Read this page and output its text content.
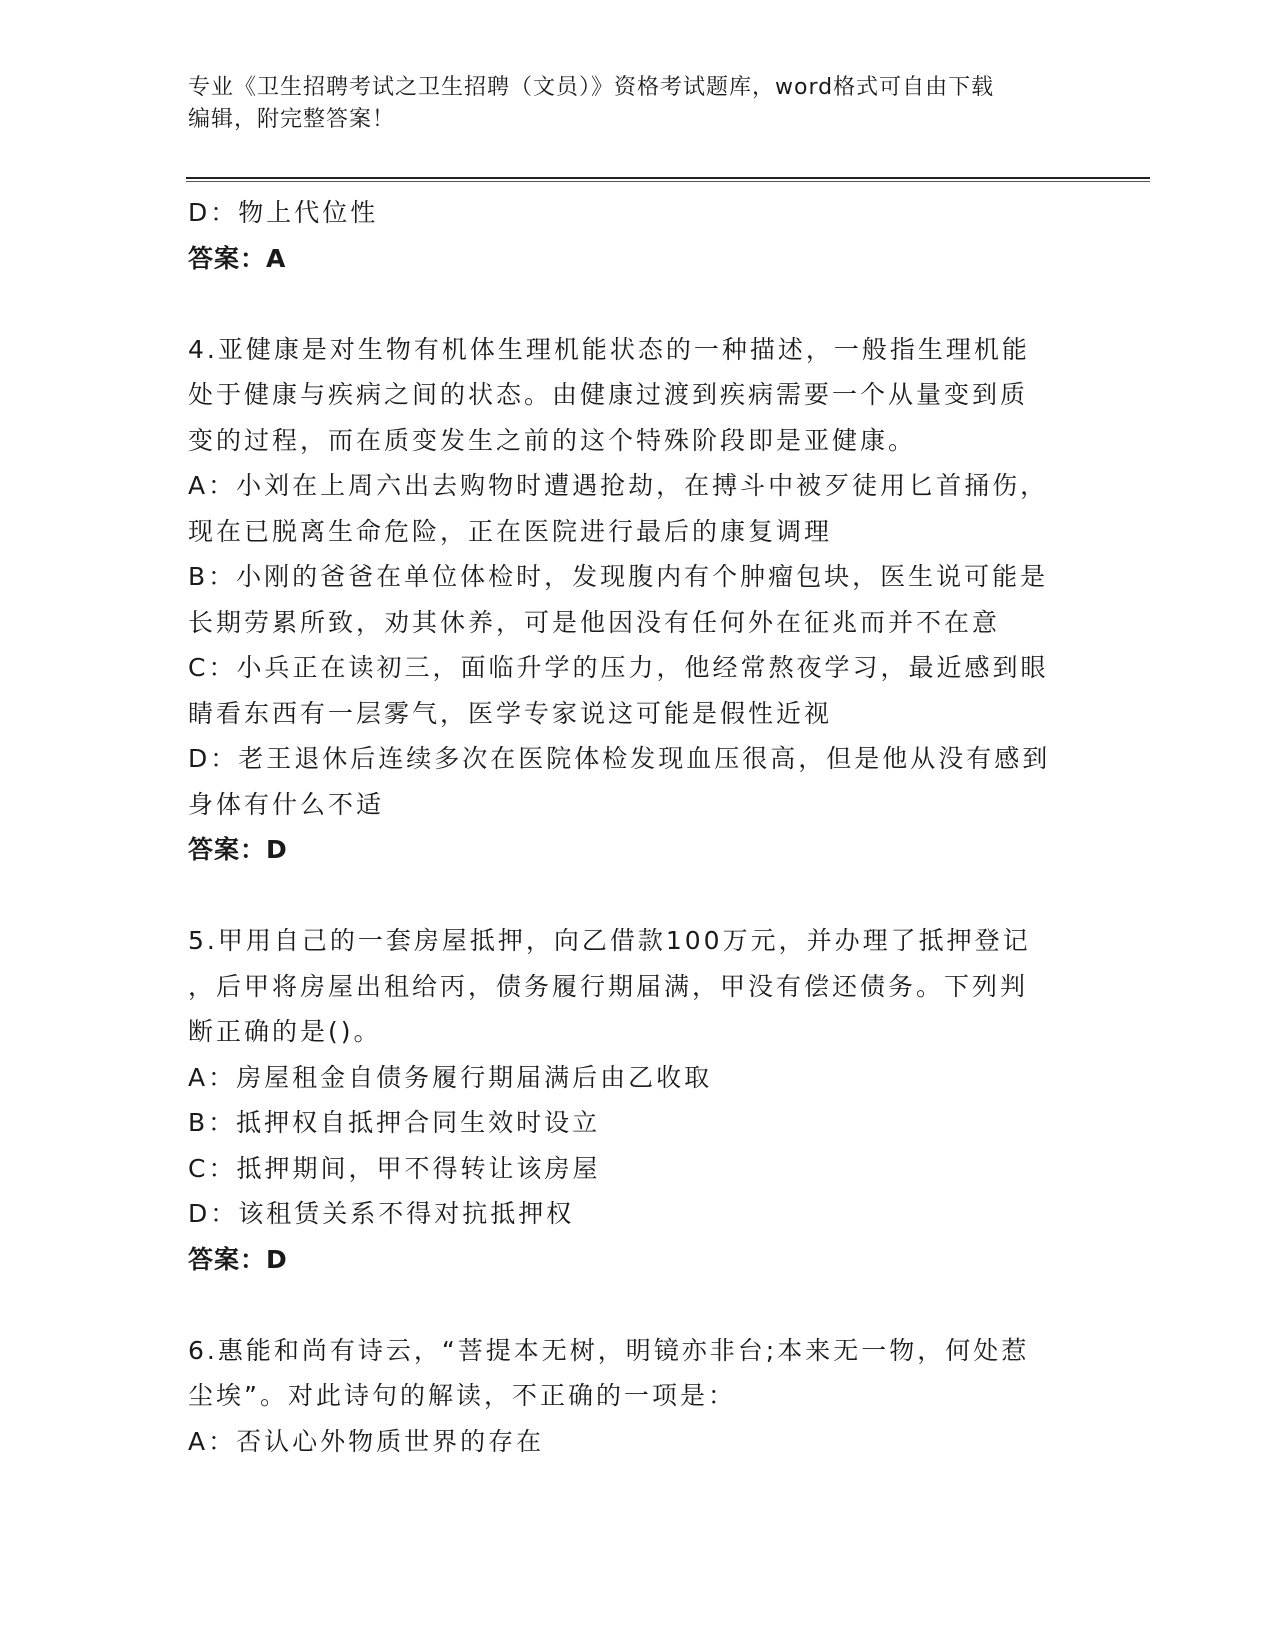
专业《卫生招聘考试之卫生招聘（文员）》资格考试题库，word格式可自由下载
编辑，附完整答案！
D：物上代位性
答案：A
4.亚健康是对生物有机体生理机能状态的一种描述，一般指生理机能
处于健康与疾病之间的状态。由健康过渡到疾病需要一个从量变到质
变的过程，而在质变发生之前的这个特殊阶段即是亚健康。
A：小刘在上周六出去购物时遭遇抢劫，在搏斗中被歹徒用匕首捅伤，
现在已脱离生命危险，正在医院进行最后的康复调理
B：小刚的爸爸在单位体检时，发现腹内有个肿瘤包块，医生说可能是
长期劳累所致，劝其休养，可是他因没有任何外在征兆而并不在意
C：小兵正在读初三，面临升学的压力，他经常熬夜学习，最近感到眼
睛看东西有一层雾气，医学专家说这可能是假性近视
D：老王退休后连续多次在医院体检发现血压很高，但是他从没有感到
身体有什么不适
答案：D
5.甲用自己的一套房屋抵押，向乙借款100万元，并办理了抵押登记
，后甲将房屋出租给丙，债务履行期届满，甲没有偿还债务。下列判
断正确的是()。
A：房屋租金自债务履行期届满后由乙收取
B：抵押权自抵押合同生效时设立
C：抵押期间，甲不得转让该房屋
D：该租赁关系不得对抗抵押权
答案：D
6.惠能和尚有诗云，“菩提本无树，明镜亦非台;本来无一物，何处惹
尘埃”。对此诗句的解读，不正确的一项是：
A：否认心外物质世界的存在
